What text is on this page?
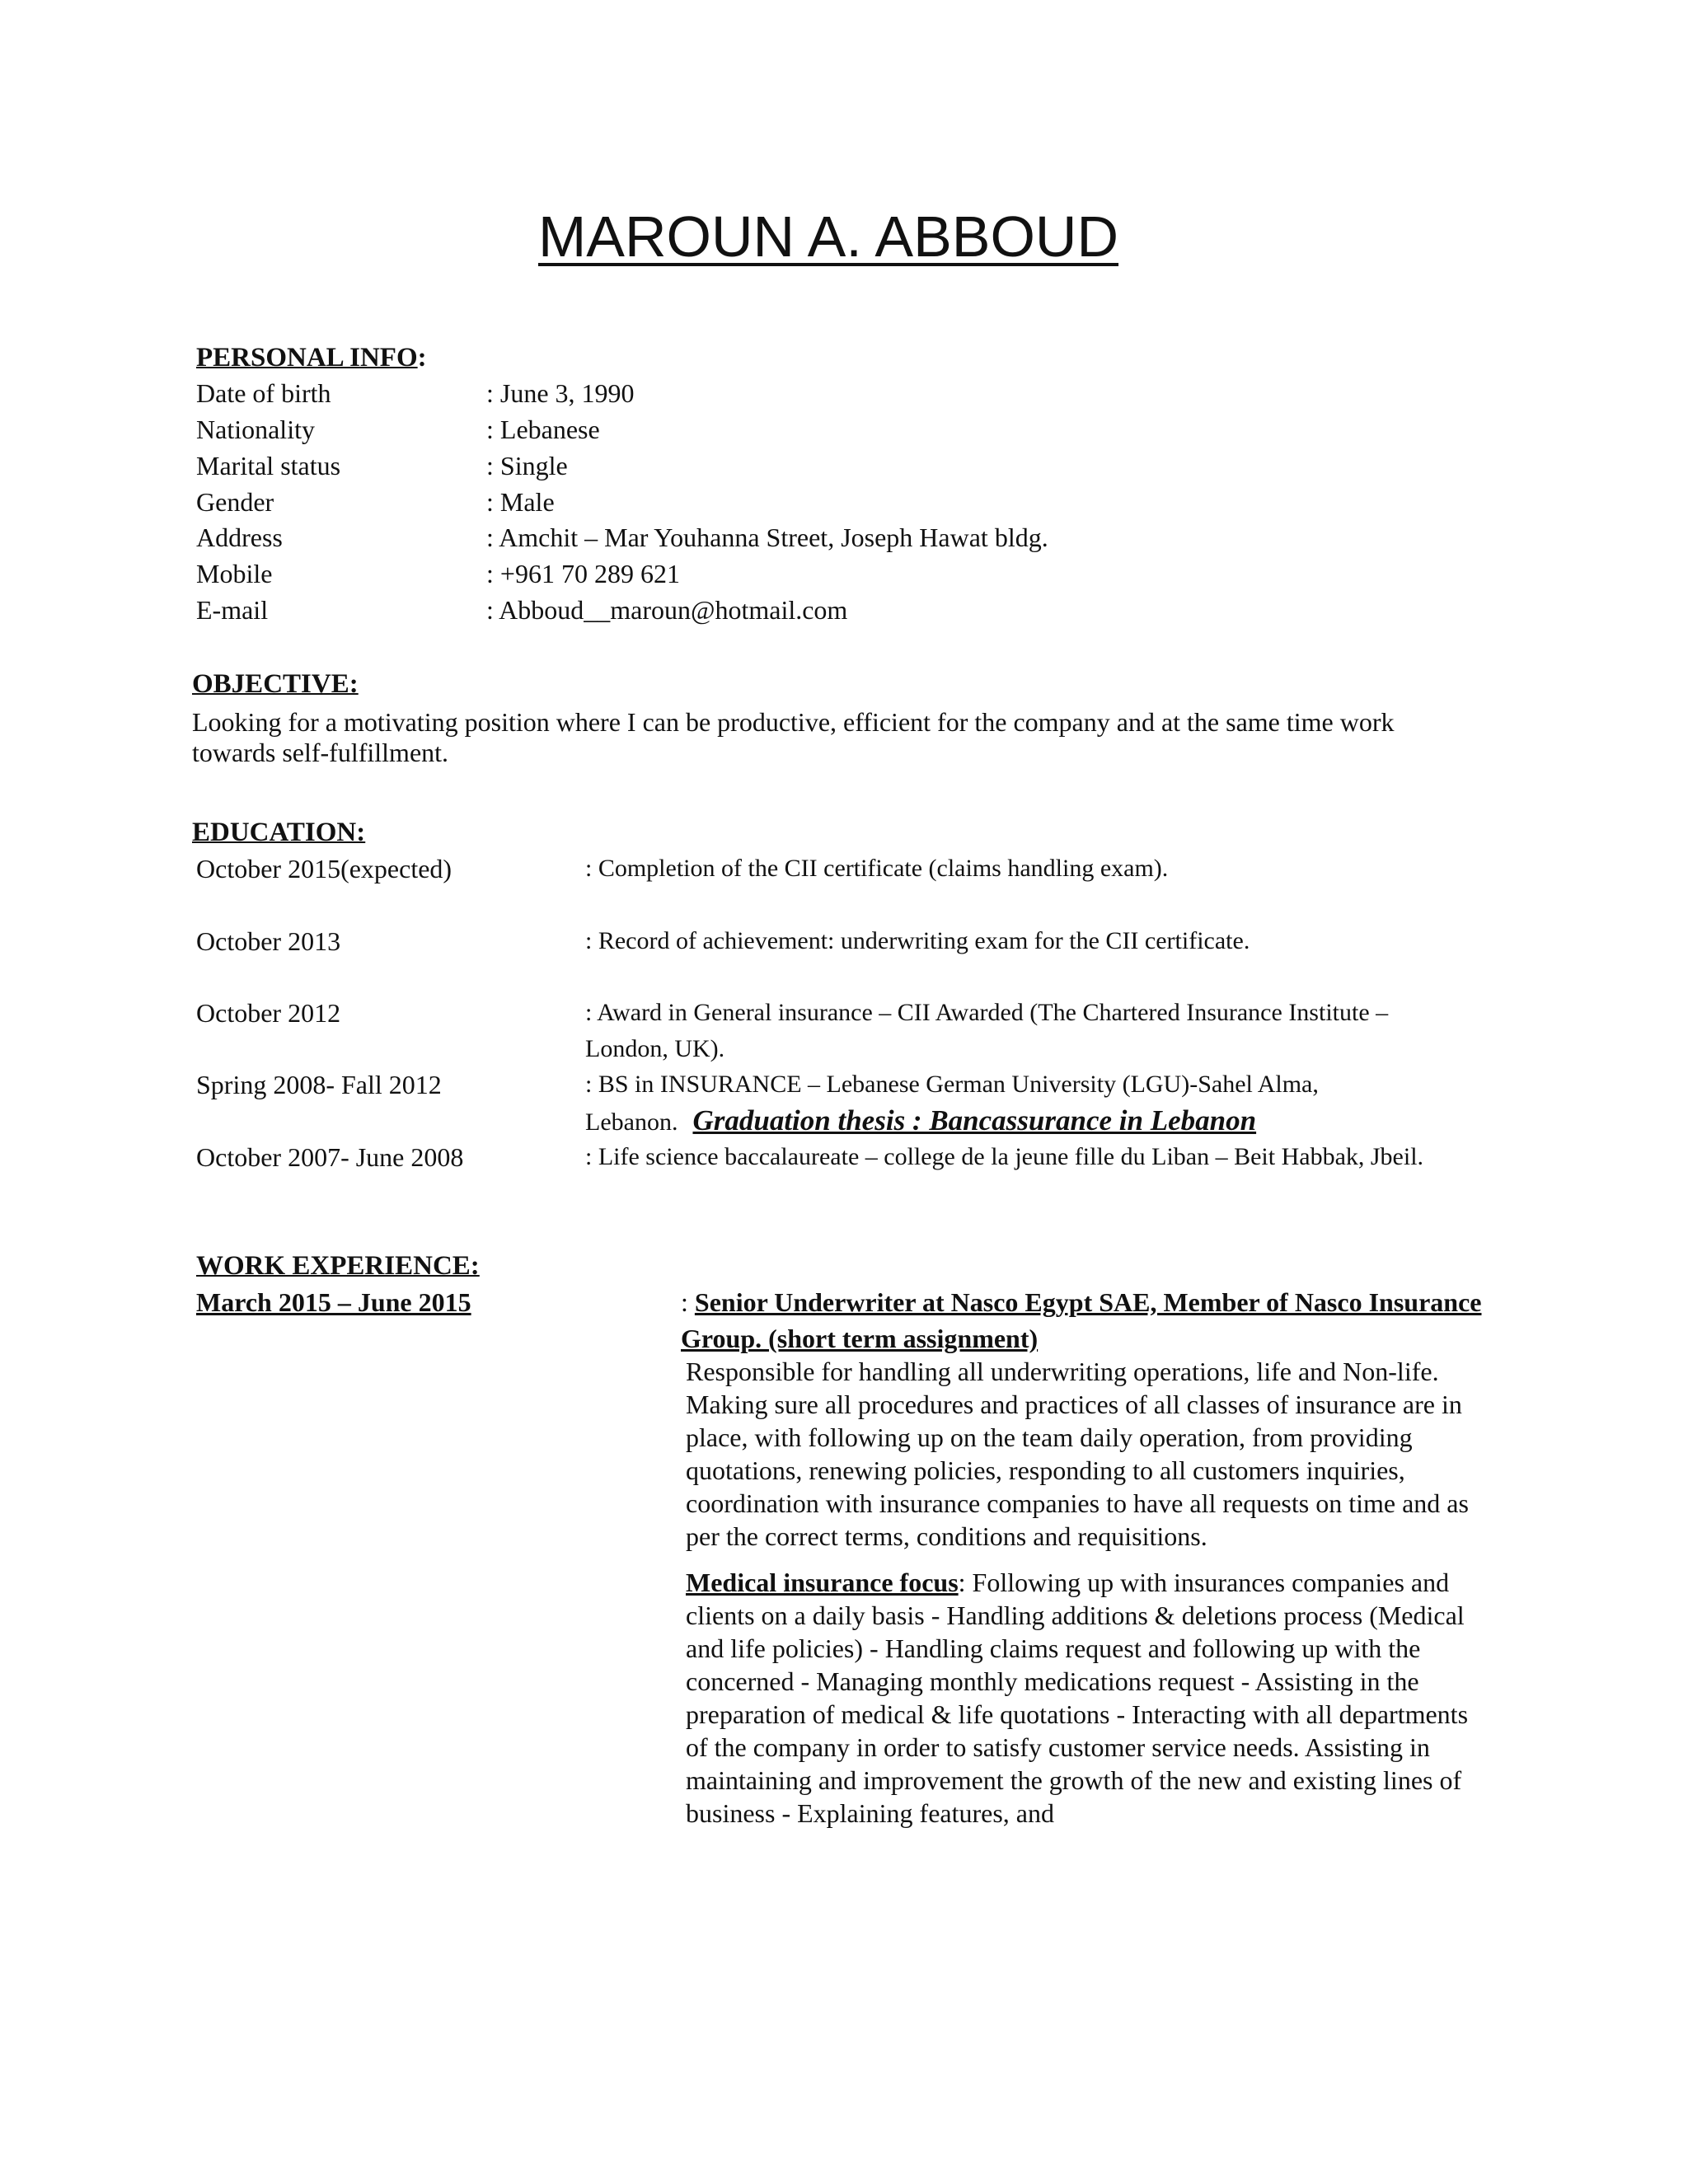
MAROUN A. ABBOUD
PERSONAL INFO:
Date of birth	: June 3, 1990
Nationality	: Lebanese
Marital status	: Single
Gender	: Male
Address	: Amchit – Mar Youhanna Street, Joseph Hawat bldg.
Mobile	: +961 70 289 621
E-mail	: Abboud__maroun@hotmail.com
OBJECTIVE:
Looking for a motivating position where I can be productive, efficient for the company and at the same time work towards self-fulfillment.
EDUCATION:
October 2015(expected)	: Completion of the CII certificate (claims handling exam).
October 2013	: Record of achievement: underwriting exam for the CII certificate.
October 2012	: Award in General insurance – CII Awarded (The Chartered Insurance Institute – London, UK).
Spring 2008- Fall 2012	: BS in INSURANCE – Lebanese German University (LGU)-Sahel Alma, Lebanon. Graduation thesis : Bancassurance in Lebanon
October 2007- June 2008	: Life science baccalaureate – college de la jeune fille du Liban – Beit Habbak, Jbeil.
WORK EXPERIENCE:
March 2015 – June 2015	: Senior Underwriter at Nasco Egypt SAE, Member of Nasco Insurance Group. (short term assignment)
Responsible for handling all underwriting operations, life and Non-life. Making sure all procedures and practices of all classes of insurance are in place, with following up on the team daily operation, from providing quotations, renewing policies, responding to all customers inquiries, coordination with insurance companies to have all requests on time and as per the correct terms, conditions and requisitions.
Medical insurance focus: Following up with insurances companies and clients on a daily basis - Handling additions & deletions process (Medical and life policies) - Handling claims request and following up with the concerned - Managing monthly medications request - Assisting in the preparation of medical & life quotations - Interacting with all departments of the company in order to satisfy customer service needs. Assisting in maintaining and improvement the growth of the new and existing lines of business - Explaining features, and
